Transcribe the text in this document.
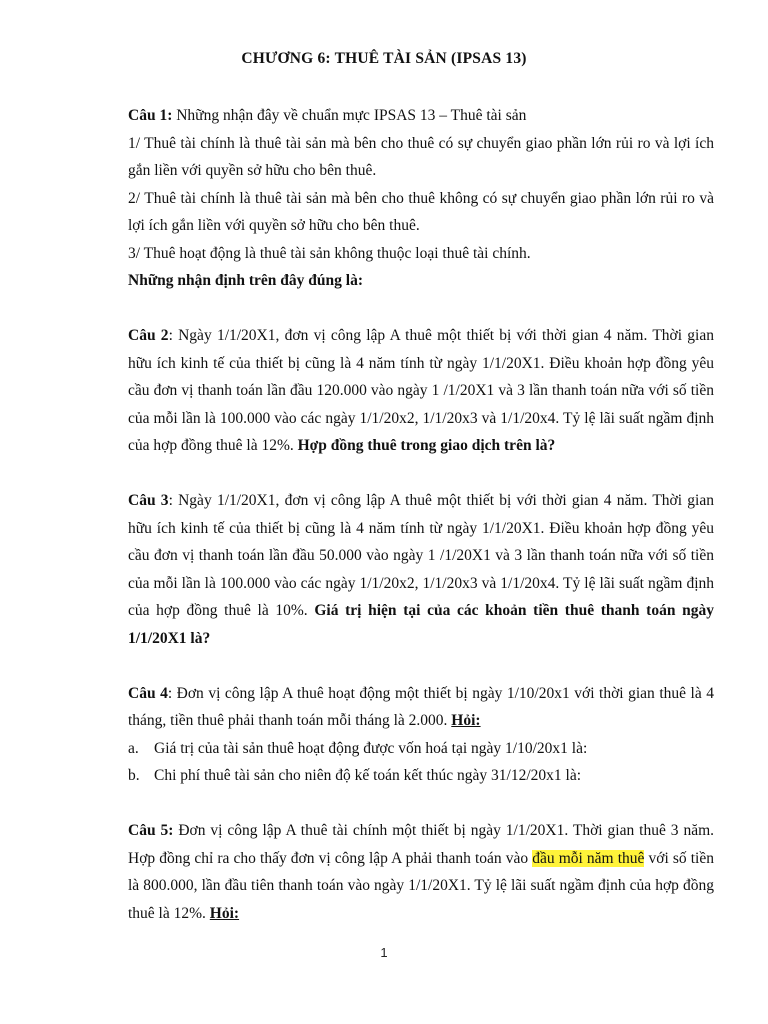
CHƯƠNG 6: THUÊ TÀI SẢN (IPSAS 13)

Câu 1: Những nhận đây về chuẩn mực IPSAS 13 – Thuê tài sản

1/ Thuê tài chính là thuê tài sản mà bên cho thuê có sự chuyển giao phần lớn rủi ro và lợi ích gắn liền với quyền sở hữu cho bên thuê.

2/ Thuê tài chính là thuê tài sản mà bên cho thuê không có sự chuyển giao phần lớn rủi ro và lợi ích gắn liền với quyền sở hữu cho bên thuê.

3/ Thuê hoạt động là thuê tài sản không thuộc loại thuê tài chính.

Những nhận định trên đây đúng là:

Câu 2: Ngày 1/1/20X1, đơn vị công lập A thuê một thiết bị với thời gian 4 năm. Thời gian hữu ích kinh tế của thiết bị cũng là 4 năm tính từ ngày 1/1/20X1. Điều khoản hợp đồng yêu cầu đơn vị thanh toán lần đầu 120.000 vào ngày 1 /1/20X1 và 3 lần thanh toán nữa với số tiền của mỗi lần là 100.000 vào các ngày 1/1/20x2, 1/1/20x3 và 1/1/20x4. Tỷ lệ lãi suất ngầm định của hợp đồng thuê là 12%. Hợp đồng thuê trong giao dịch trên là?

Câu 3: Ngày 1/1/20X1, đơn vị công lập A thuê một thiết bị với thời gian 4 năm. Thời gian hữu ích kinh tế của thiết bị cũng là 4 năm tính từ ngày 1/1/20X1. Điều khoản hợp đồng yêu cầu đơn vị thanh toán lần đầu 50.000 vào ngày 1 /1/20X1 và 3 lần thanh toán nữa với số tiền của mỗi lần là 100.000 vào các ngày 1/1/20x2, 1/1/20x3 và 1/1/20x4. Tỷ lệ lãi suất ngầm định của hợp đồng thuê là 10%. Giá trị hiện tại của các khoản tiền thuê thanh toán ngày 1/1/20X1 là?

Câu 4: Đơn vị công lập A thuê hoạt động một thiết bị ngày 1/10/20x1 với thời gian thuê là 4 tháng, tiền thuê phải thanh toán mỗi tháng là 2.000. Hỏi:

a. Giá trị của tài sản thuê hoạt động được vốn hoá tại ngày 1/10/20x1 là:
b. Chi phí thuê tài sản cho niên độ kế toán kết thúc ngày 31/12/20x1 là:

Câu 5: Đơn vị công lập A thuê tài chính một thiết bị ngày 1/1/20X1. Thời gian thuê 3 năm. Hợp đồng chỉ ra cho thấy đơn vị công lập A phải thanh toán vào đầu mỗi năm thuê với số tiền là 800.000, lần đầu tiên thanh toán vào ngày 1/1/20X1. Tỷ lệ lãi suất ngầm định của hợp đồng thuê là 12%. Hỏi:

1
